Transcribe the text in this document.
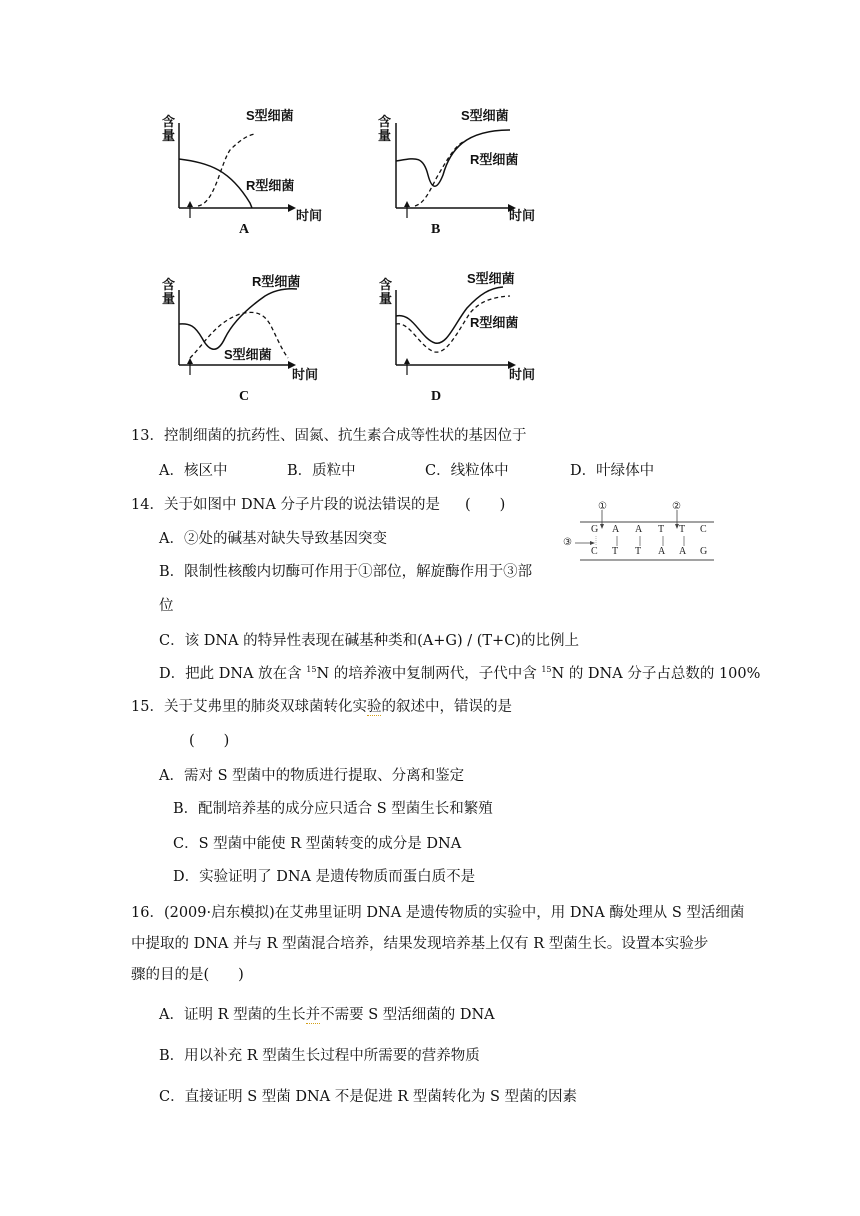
含量
S型细菌
R型细菌
时间
A
含量
S型细菌
R型细菌
时间
B
含量
R型细菌
S型细菌
时间
C
含量
S型细菌
R型细菌
时间
D
13．控制细菌的抗药性、固氮、抗生素合成等性状的基因位于
A．核区中	B．质粒中	C．线粒体中	D．叶绿体中
14．关于如图中 DNA 分子片段的说法错误的是 (　　)	①	②
③
G A A T T C
C T T A A G
A．②处的碱基对缺失导致基因突变
B．限制性核酸内切酶可作用于①部位，解旋酶作用于③部
位
C．该 DNA 的特异性表现在碱基种类和(A+G) / (T+C)的比例上
D．把此 DNA 放在含 $^{15}$N 的培养液中复制两代，子代中含 $^{15}$N 的 DNA 分子占总数的 100%
15．关于艾弗里的肺炎双球菌转化实验的叙述中，错误的是
(　　)
A．需对 S 型菌中的物质进行提取、分离和鉴定
B．配制培养基的成分应只适合 S 型菌生长和繁殖
C．S 型菌中能使 R 型菌转变的成分是 DNA
D．实验证明了 DNA 是遗传物质而蛋白质不是
16．(2009·启东模拟)在艾弗里证明 DNA 是遗传物质的实验中，用 DNA 酶处理从 S 型活细菌
中提取的 DNA 并与 R 型菌混合培养，结果发现培养基上仅有 R 型菌生长。设置本实验步
骤的目的是(　　)
A．证明 R 型菌的生长并不需要 S 型活细菌的 DNA
B．用以补充 R 型菌生长过程中所需要的营养物质
C．直接证明 S 型菌 DNA 不是促进 R 型菌转化为 S 型菌的因素
